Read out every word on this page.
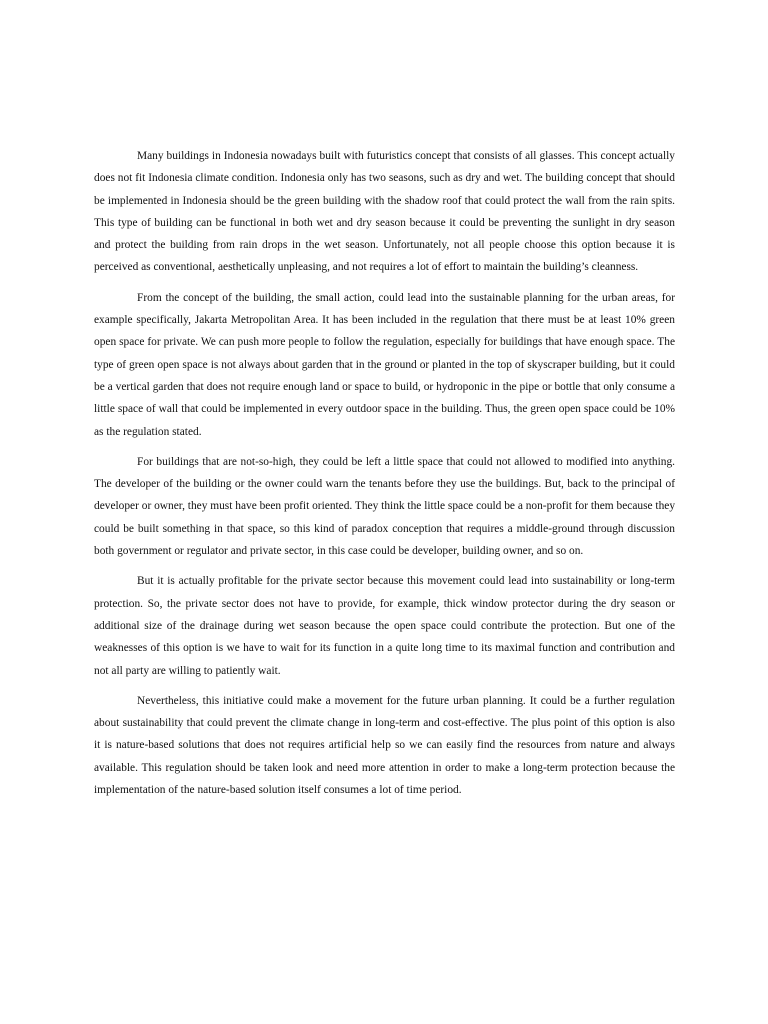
Many buildings in Indonesia nowadays built with futuristics concept that consists of all glasses. This concept actually does not fit Indonesia climate condition. Indonesia only has two seasons, such as dry and wet. The building concept that should be implemented in Indonesia should be the green building with the shadow roof that could protect the wall from the rain spits. This type of building can be functional in both wet and dry season because it could be preventing the sunlight in dry season and protect the building from rain drops in the wet season. Unfortunately, not all people choose this option because it is perceived as conventional, aesthetically unpleasing, and not requires a lot of effort to maintain the building’s cleanness.

From the concept of the building, the small action, could lead into the sustainable planning for the urban areas, for example specifically, Jakarta Metropolitan Area. It has been included in the regulation that there must be at least 10% green open space for private. We can push more people to follow the regulation, especially for buildings that have enough space. The type of green open space is not always about garden that in the ground or planted in the top of skyscraper building, but it could be a vertical garden that does not require enough land or space to build, or hydroponic in the pipe or bottle that only consume a little space of wall that could be implemented in every outdoor space in the building. Thus, the green open space could be 10% as the regulation stated.

For buildings that are not-so-high, they could be left a little space that could not allowed to modified into anything. The developer of the building or the owner could warn the tenants before they use the buildings. But, back to the principal of developer or owner, they must have been profit oriented. They think the little space could be a non-profit for them because they could be built something in that space, so this kind of paradox conception that requires a middle-ground through discussion both government or regulator and private sector, in this case could be developer, building owner, and so on.

But it is actually profitable for the private sector because this movement could lead into sustainability or long-term protection. So, the private sector does not have to provide, for example, thick window protector during the dry season or additional size of the drainage during wet season because the open space could contribute the protection. But one of the weaknesses of this option is we have to wait for its function in a quite long time to its maximal function and contribution and not all party are willing to patiently wait.

Nevertheless, this initiative could make a movement for the future urban planning. It could be a further regulation about sustainability that could prevent the climate change in long-term and cost-effective. The plus point of this option is also it is nature-based solutions that does not requires artificial help so we can easily find the resources from nature and always available. This regulation should be taken look and need more attention in order to make a long-term protection because the implementation of the nature-based solution itself consumes a lot of time period.
